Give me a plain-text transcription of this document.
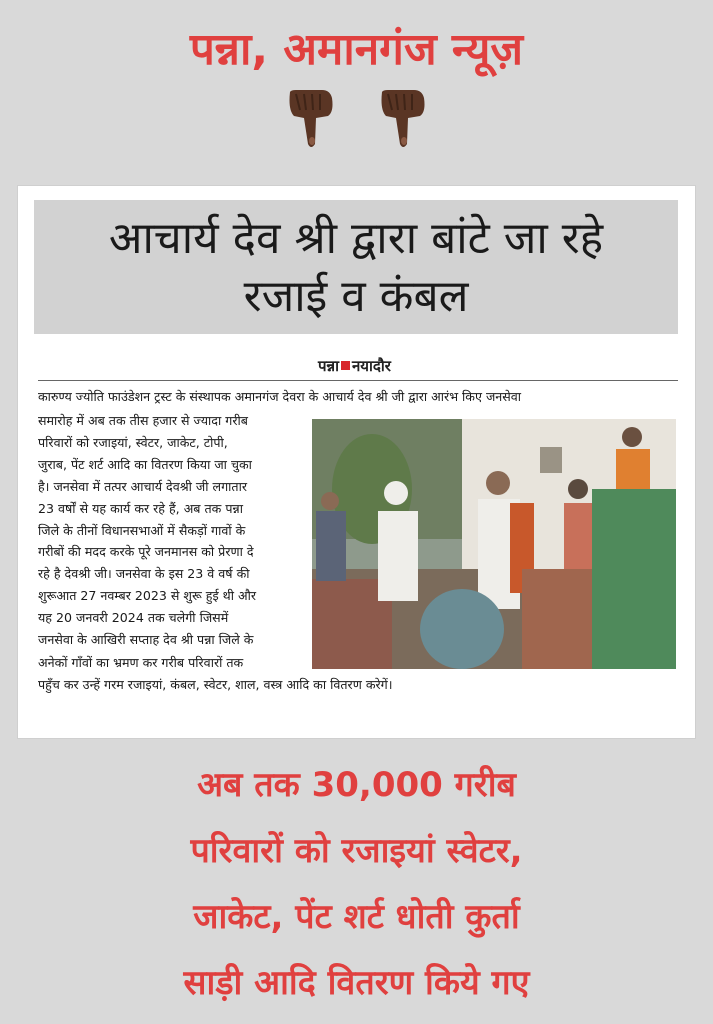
पन्ना, अमानगंज न्यूज़
आचार्य देव श्री द्वारा बांटे जा रहे
रजाई व कंबल
पन्ना नयादौर
कारुण्य ज्योति फाउंडेशन ट्रस्ट के संस्थापक अमानगंज देवरा के आचार्य देव श्री जी द्वारा आरंभ किए जनसेवा
समारोह में अब तक तीस हजार से ज्यादा गरीब
परिवारों को रजाइयां, स्वेटर, जाकेट, टोपी,
जुराब, पेंट शर्ट आदि का वितरण किया जा चुका
है। जनसेवा में तत्पर आचार्य देवश्री जी लगातार
23 वर्षों से यह कार्य कर रहे हैं, अब तक पन्ना
जिले के तीनों विधानसभाओं में सैकड़ों गावों के
गरीबों की मदद करके पूरे जनमानस को प्रेरणा दे
रहे है देवश्री जी। जनसेवा के इस 23 वे वर्ष की
शुरूआत 27 नवम्बर 2023 से शुरू हुई थी और
यह 20 जनवरी 2024 तक चलेगी जिसमें
जनसेवा के आखिरी सप्ताह देव श्री पन्ना जिले के
अनेकों गाँवों का भ्रमण कर गरीब परिवारों तक
पहुँच कर उन्हें गरम रजाइयां, कंबल, स्वेटर, शाल, वस्त्र आदि का वितरण करेगें।
अब तक 30,000 गरीब
परिवारों को रजाइयां स्वेटर,
जाकेट, पेंट शर्ट धोती कुर्ता
साड़ी आदि वितरण किये गए
